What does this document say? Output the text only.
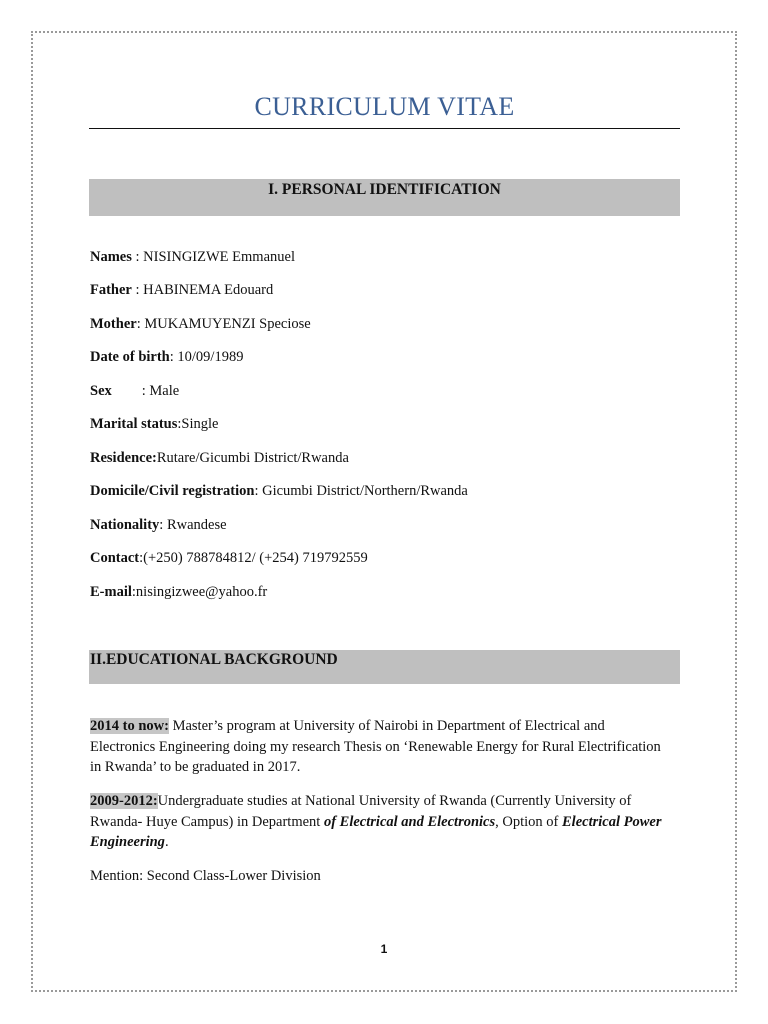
CURRICULUM VITAE
I. PERSONAL IDENTIFICATION
Names : NISINGIZWE Emmanuel
Father : HABINEMA Edouard
Mother: MUKAMUYENZI Speciose
Date of birth: 10/09/1989
Sex : Male
Marital status:Single
Residence:Rutare/Gicumbi District/Rwanda
Domicile/Civil registration: Gicumbi District/Northern/Rwanda
Nationality: Rwandese
Contact:(+250) 788784812/ (+254) 719792559
E-mail:nisingizwee@yahoo.fr
II.EDUCATIONAL BACKGROUND
2014 to now: Master’s program at University of Nairobi in Department of Electrical and Electronics Engineering doing my research Thesis on ‘Renewable Energy for Rural Electrification in Rwanda’ to be graduated in 2017.
2009-2012:Undergraduate studies at National University of Rwanda (Currently University of Rwanda- Huye Campus) in Department of Electrical and Electronics, Option of Electrical Power Engineering.
Mention: Second Class-Lower Division
1
